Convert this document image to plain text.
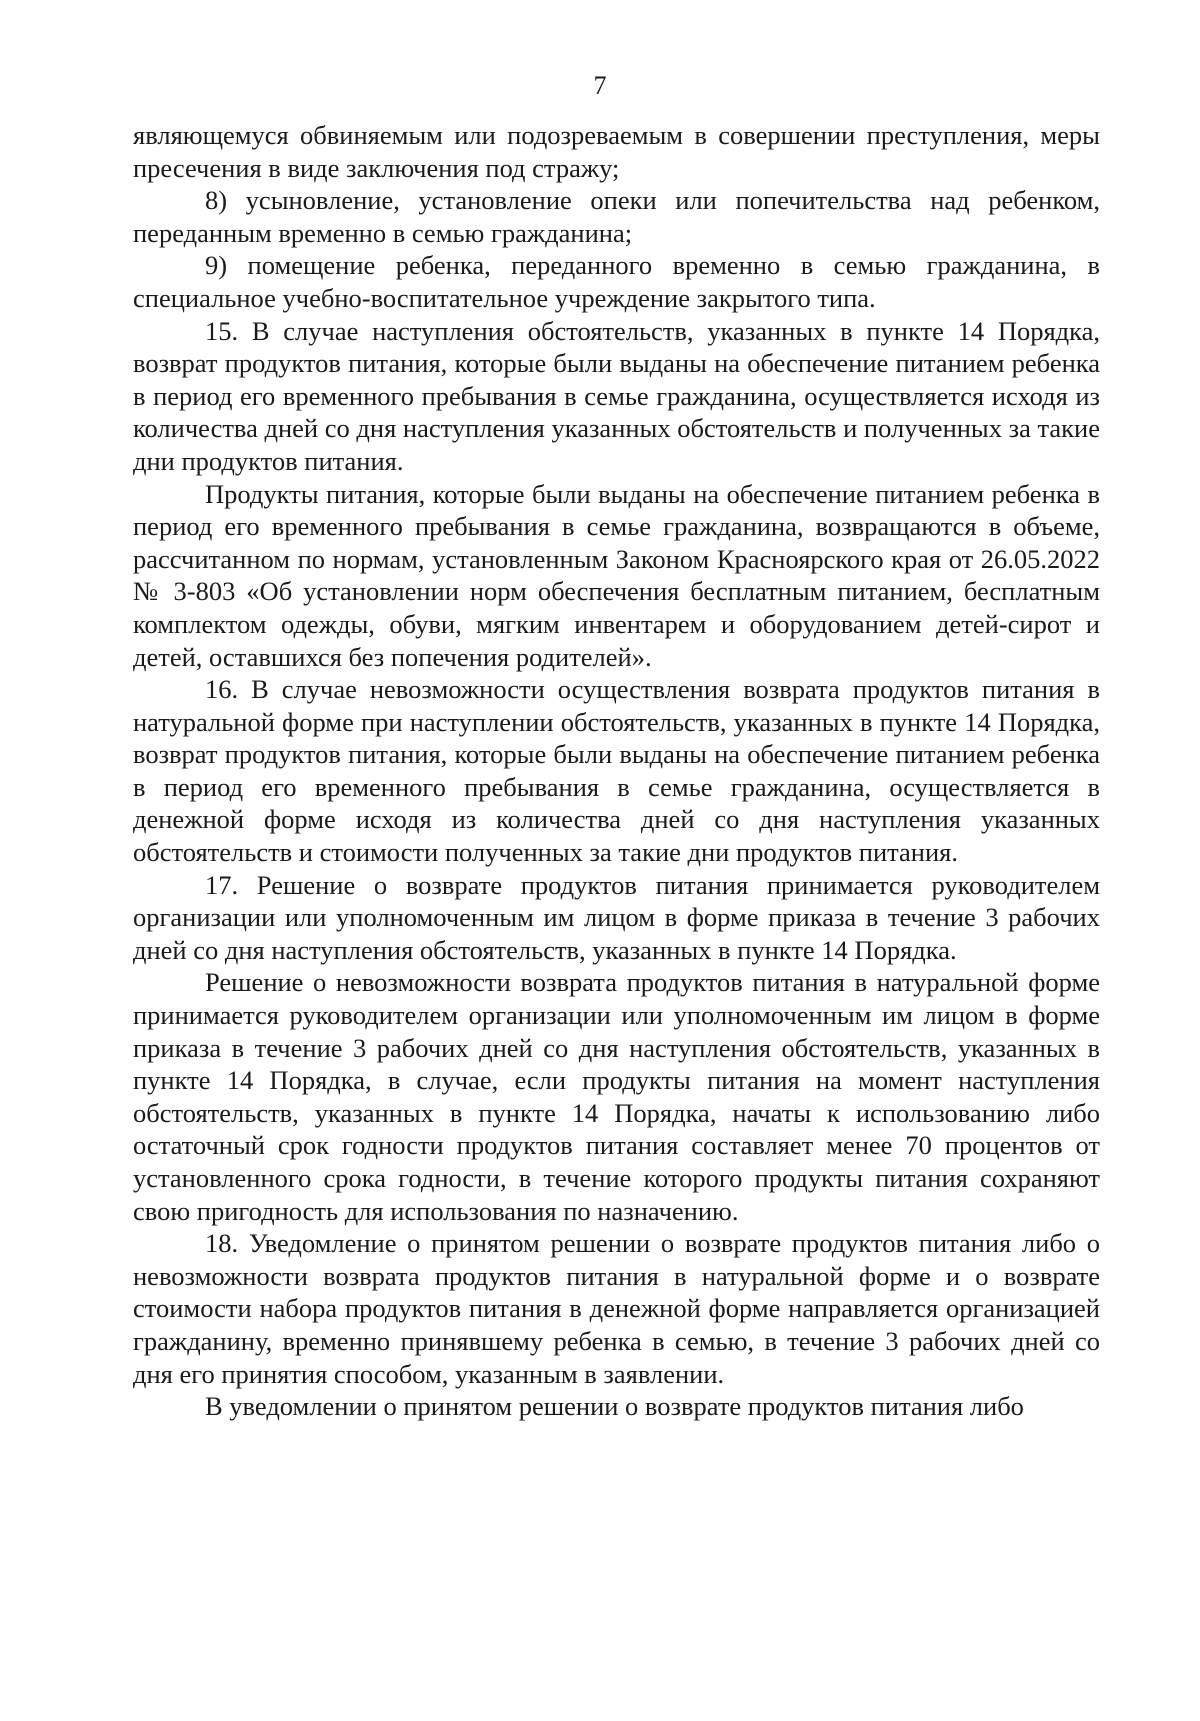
7

являющемуся обвиняемым или подозреваемым в совершении преступления, меры пресечения в виде заключения под стражу;

8) усыновление, установление опеки или попечительства над ребенком, переданным временно в семью гражданина;

9) помещение ребенка, переданного временно в семью гражданина, в специальное учебно-воспитательное учреждение закрытого типа.

15. В случае наступления обстоятельств, указанных в пункте 14 Порядка, возврат продуктов питания, которые были выданы на обеспечение питанием ребенка в период его временного пребывания в семье гражданина, осуществляется исходя из количества дней со дня наступления указанных обстоятельств и полученных за такие дни продуктов питания.

Продукты питания, которые были выданы на обеспечение питанием ребенка в период его временного пребывания в семье гражданина, возвращаются в объеме, рассчитанном по нормам, установленным Законом Красноярского края от 26.05.2022 № 3-803 «Об установлении норм обеспечения бесплатным питанием, бесплатным комплектом одежды, обуви, мягким инвентарем и оборудованием детей-сирот и детей, оставшихся без попечения родителей».

16. В случае невозможности осуществления возврата продуктов питания в натуральной форме при наступлении обстоятельств, указанных в пункте 14 Порядка, возврат продуктов питания, которые были выданы на обеспечение питанием ребенка в период его временного пребывания в семье гражданина, осуществляется в денежной форме исходя из количества дней со дня наступления указанных обстоятельств и стоимости полученных за такие дни продуктов питания.

17. Решение о возврате продуктов питания принимается руководителем организации или уполномоченным им лицом в форме приказа в течение 3 рабочих дней со дня наступления обстоятельств, указанных в пункте 14 Порядка.

Решение о невозможности возврата продуктов питания в натуральной форме принимается руководителем организации или уполномоченным им лицом в форме приказа в течение 3 рабочих дней со дня наступления обстоятельств, указанных в пункте 14 Порядка, в случае, если продукты питания на момент наступления обстоятельств, указанных в пункте 14 Порядка, начаты к использованию либо остаточный срок годности продуктов питания составляет менее 70 процентов от установленного срока годности, в течение которого продукты питания сохраняют свою пригодность для использования по назначению.

18. Уведомление о принятом решении о возврате продуктов питания либо о невозможности возврата продуктов питания в натуральной форме и о возврате стоимости набора продуктов питания в денежной форме направляется организацией гражданину, временно принявшему ребенка в семью, в течение 3 рабочих дней со дня его принятия способом, указанным в заявлении.

В уведомлении о принятом решении о возврате продуктов питания либо
